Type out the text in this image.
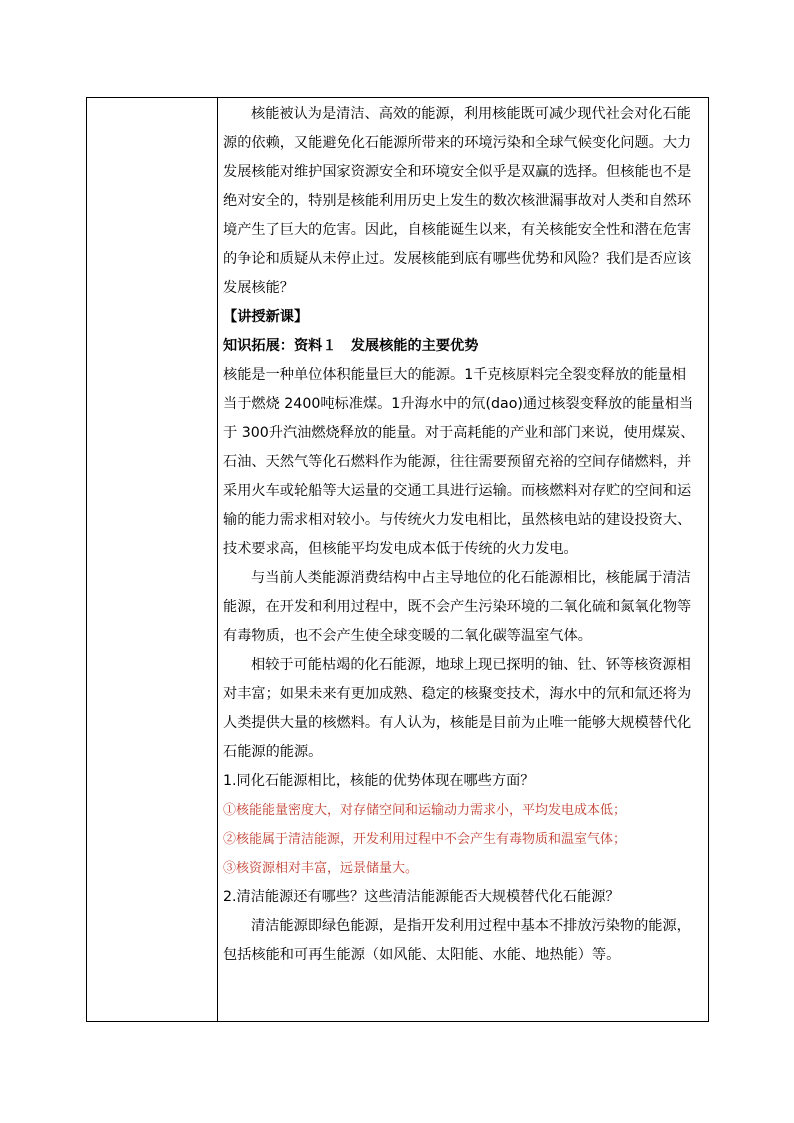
核能被认为是清洁、高效的能源，利用核能既可减少现代社会对化石能源的依赖，又能避免化石能源所带来的环境污染和全球气候变化问题。大力发展核能对维护国家资源安全和环境安全似乎是双赢的选择。但核能也不是绝对安全的，特别是核能利用历史上发生的数次核泄漏事故对人类和自然环境产生了巨大的危害。因此，自核能诞生以来，有关核能安全性和潜在危害的争论和质疑从未停止过。发展核能到底有哪些优势和风险？我们是否应该发展核能？

【讲授新课】

知识拓展：资料１　发展核能的主要优势

核能是一种单位体积能量巨大的能源。1千克核原料完全裂变释放的能量相当于燃烧 2400吨标准煤。1升海水中的氘(dao)通过核裂变释放的能量相当于 300升汽油燃烧释放的能量。对于高耗能的产业和部门来说，使用煤炭、石油、天然气等化石燃料作为能源，往往需要预留充裕的空间存储燃料，并采用火车或轮船等大运量的交通工具进行运输。而核燃料对存贮的空间和运输的能力需求相对较小。与传统火力发电相比，虽然核电站的建设投资大、技术要求高，但核能平均发电成本低于传统的火力发电。

与当前人类能源消费结构中占主导地位的化石能源相比，核能属于清洁能源，在开发和利用过程中，既不会产生污染环境的二氧化硫和氮氧化物等有毒物质，也不会产生使全球变暖的二氧化碳等温室气体。

相较于可能枯竭的化石能源，地球上现已探明的铀、钍、钚等核资源相对丰富；如果未来有更加成熟、稳定的核聚变技术，海水中的氘和氚还将为人类提供大量的核燃料。有人认为，核能是目前为止唯一能够大规模替代化石能源的能源。

1.同化石能源相比，核能的优势体现在哪些方面？

①核能能量密度大，对存储空间和运输动力需求小，平均发电成本低；

②核能属于清洁能源，开发利用过程中不会产生有毒物质和温室气体；

③核资源相对丰富，远景储量大。

2.清洁能源还有哪些？这些清洁能源能否大规模替代化石能源？

清洁能源即绿色能源，是指开发利用过程中基本不排放污染物的能源，包括核能和可再生能源（如风能、太阳能、水能、地热能）等。
